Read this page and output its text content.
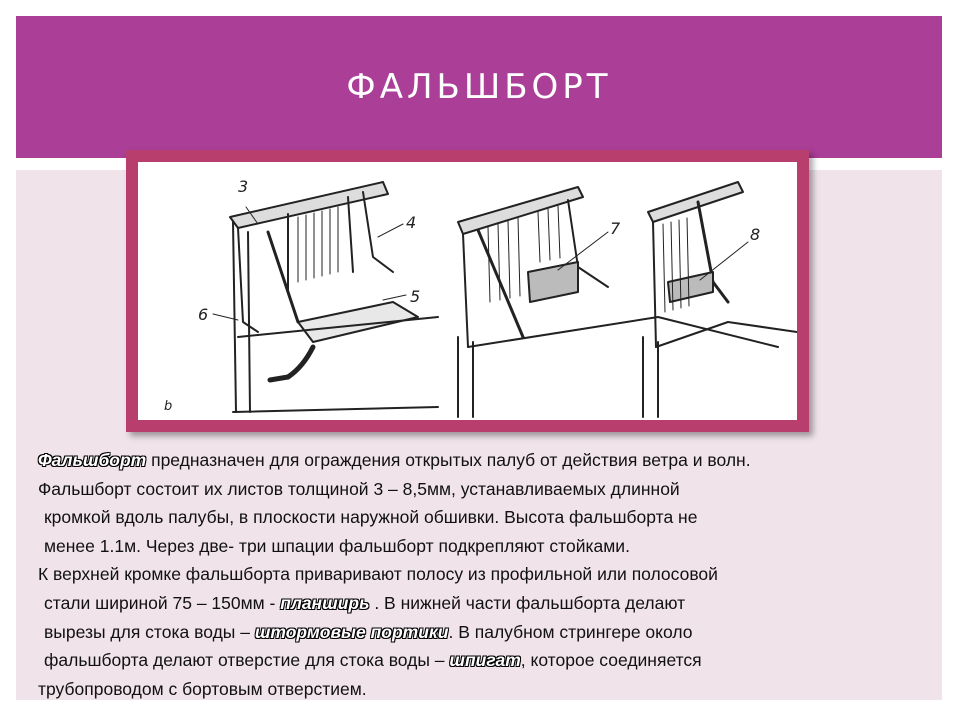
ФАЛЬШБОРТ
3
4
5
6
7	8
b
Фальшборт предназначен для ограждения открытых палуб от действия ветра и волн.
Фальшборт состоит их листов толщиной 3 – 8,5мм, устанавливаемых длинной
кромкой вдоль палубы, в плоскости наружной обшивки. Высота фальшборта не
менее 1.1м. Через две- три шпации фальшборт подкрепляют стойками.
К верхней кромке фальшборта приваривают полосу из профильной или полосовой
стали шириной 75 – 150мм - планширь . В нижней части фальшборта делают
вырезы для стока воды – штормовые портики. В палубном стрингере около
фальшборта делают отверстие для стока воды – шпигат, которое соединяется
трубопроводом с бортовым отверстием.
